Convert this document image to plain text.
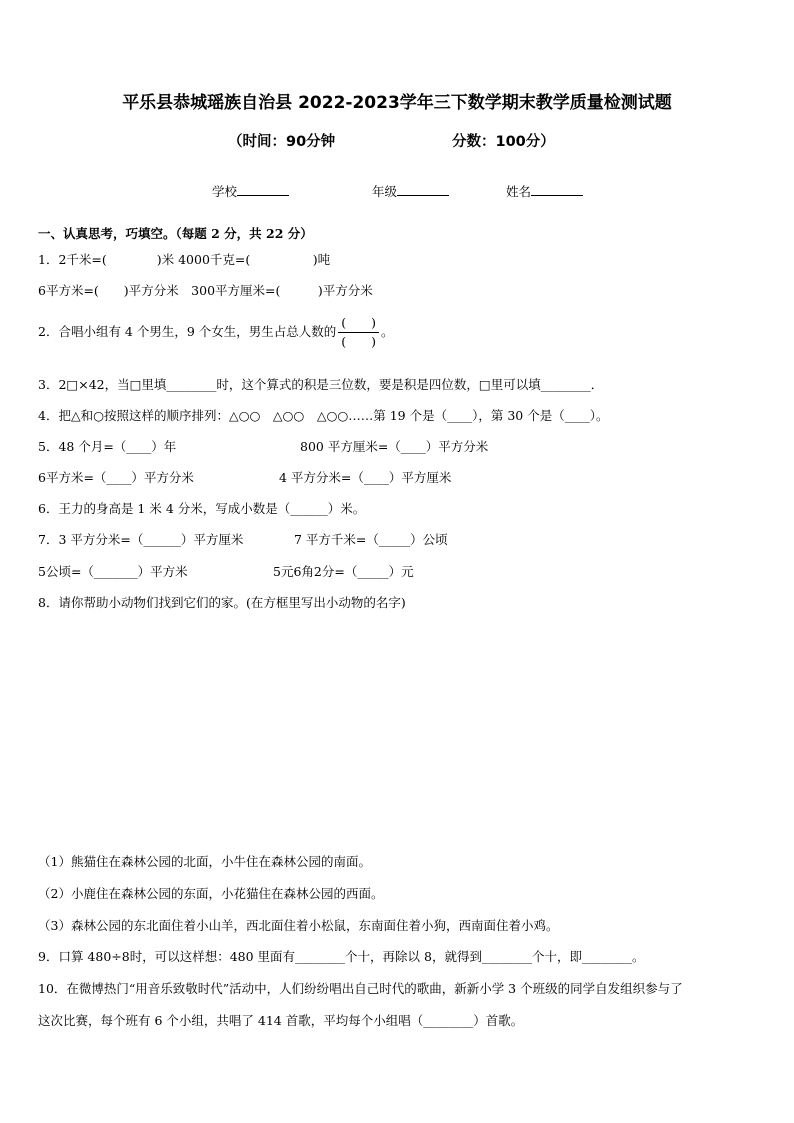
平乐县恭城瑶族自治县 2022-2023学年三下数学期末教学质量检测试题
（时间：90分钟	分数：100分）
学校	年级	姓名
一、认真思考，巧填空。（每题 2 分，共 22 分）
1．2千米=(　　　　)米 4000千克=(　　　　　)吨
6平方米=(　　)平方分米　300平方厘米=(　　　)平方分米
2．合唱小组有 4 个男生，9 个女生，男生占总人数的 $\frac{( )}{( )}$ 。
3．2□×42，当□里填________时，这个算式的积是三位数，要是积是四位数，□里可以填________．
4．把△和○按照这样的顺序排列：△○○　△○○　△○○……第 19 个是（____），第 30 个是（____）。
5．48 个月=（____）年	800 平方厘米=（____）平方分米
6平方米=（____）平方分米	4 平方分米=（____）平方厘米
6．王力的身高是 1 米 4 分米，写成小数是（______）米。
7．3 平方分米=（______）平方厘米	7 平方千米=（_____）公顷
5公顷=（_______）平方米	5元6角2分=（_____）元
8．请你帮助小动物们找到它们的家。(在方框里写出小动物的名字)
（1）熊猫住在森林公园的北面，小牛住在森林公园的南面。
（2）小鹿住在森林公园的东面，小花猫住在森林公园的西面。
（3）森林公园的东北面住着小山羊，西北面住着小松鼠，东南面住着小狗，西南面住着小鸡。
9．口算 480÷8时，可以这样想：480 里面有________个十，再除以 8，就得到________个十，即________。
10．在微博热门“用音乐致敬时代”活动中，人们纷纷唱出自己时代的歌曲，新新小学 3 个班级的同学自发组织参与了
这次比赛，每个班有 6 个小组，共唱了 414 首歌，平均每个小组唱（________）首歌。
